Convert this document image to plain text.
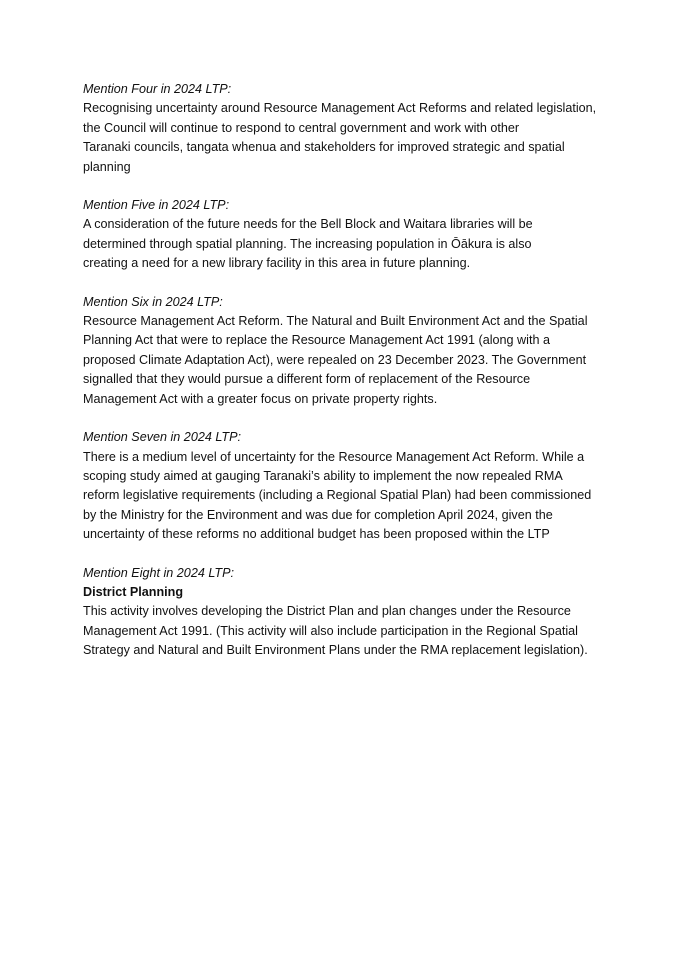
Mention Four in 2024 LTP:

Recognising uncertainty around Resource Management Act Reforms and related legislation,

the Council will continue to respond to central government and work with other

Taranaki councils, tangata whenua and stakeholders for improved strategic and spatial

planning

Mention Five in 2024 LTP:

A consideration of the future needs for the Bell Block and Waitara libraries will be

determined through spatial planning. The increasing population in Ōākura is also

creating a need for a new library facility in this area in future planning.

Mention Six in 2024 LTP:

Resource Management Act Reform. The Natural and Built Environment Act and the Spatial

Planning Act that were to replace the Resource Management Act 1991 (along with a

proposed Climate Adaptation Act), were repealed on 23 December 2023. The Government

signalled that they would pursue a different form of replacement of the Resource

Management Act with a greater focus on private property rights.

Mention Seven in 2024 LTP:

There is a medium level of uncertainty for the Resource Management Act Reform. While a

scoping study aimed at gauging Taranaki’s ability to implement the now repealed RMA

reform legislative requirements (including a Regional Spatial Plan) had been commissioned

by the Ministry for the Environment and was due for completion April 2024, given the

uncertainty of these reforms no additional budget has been proposed within the LTP

Mention Eight in 2024 LTP:

District Planning

This activity involves developing the District Plan and plan changes under the Resource

Management Act 1991. (This activity will also include participation in the Regional Spatial

Strategy and Natural and Built Environment Plans under the RMA replacement legislation).
